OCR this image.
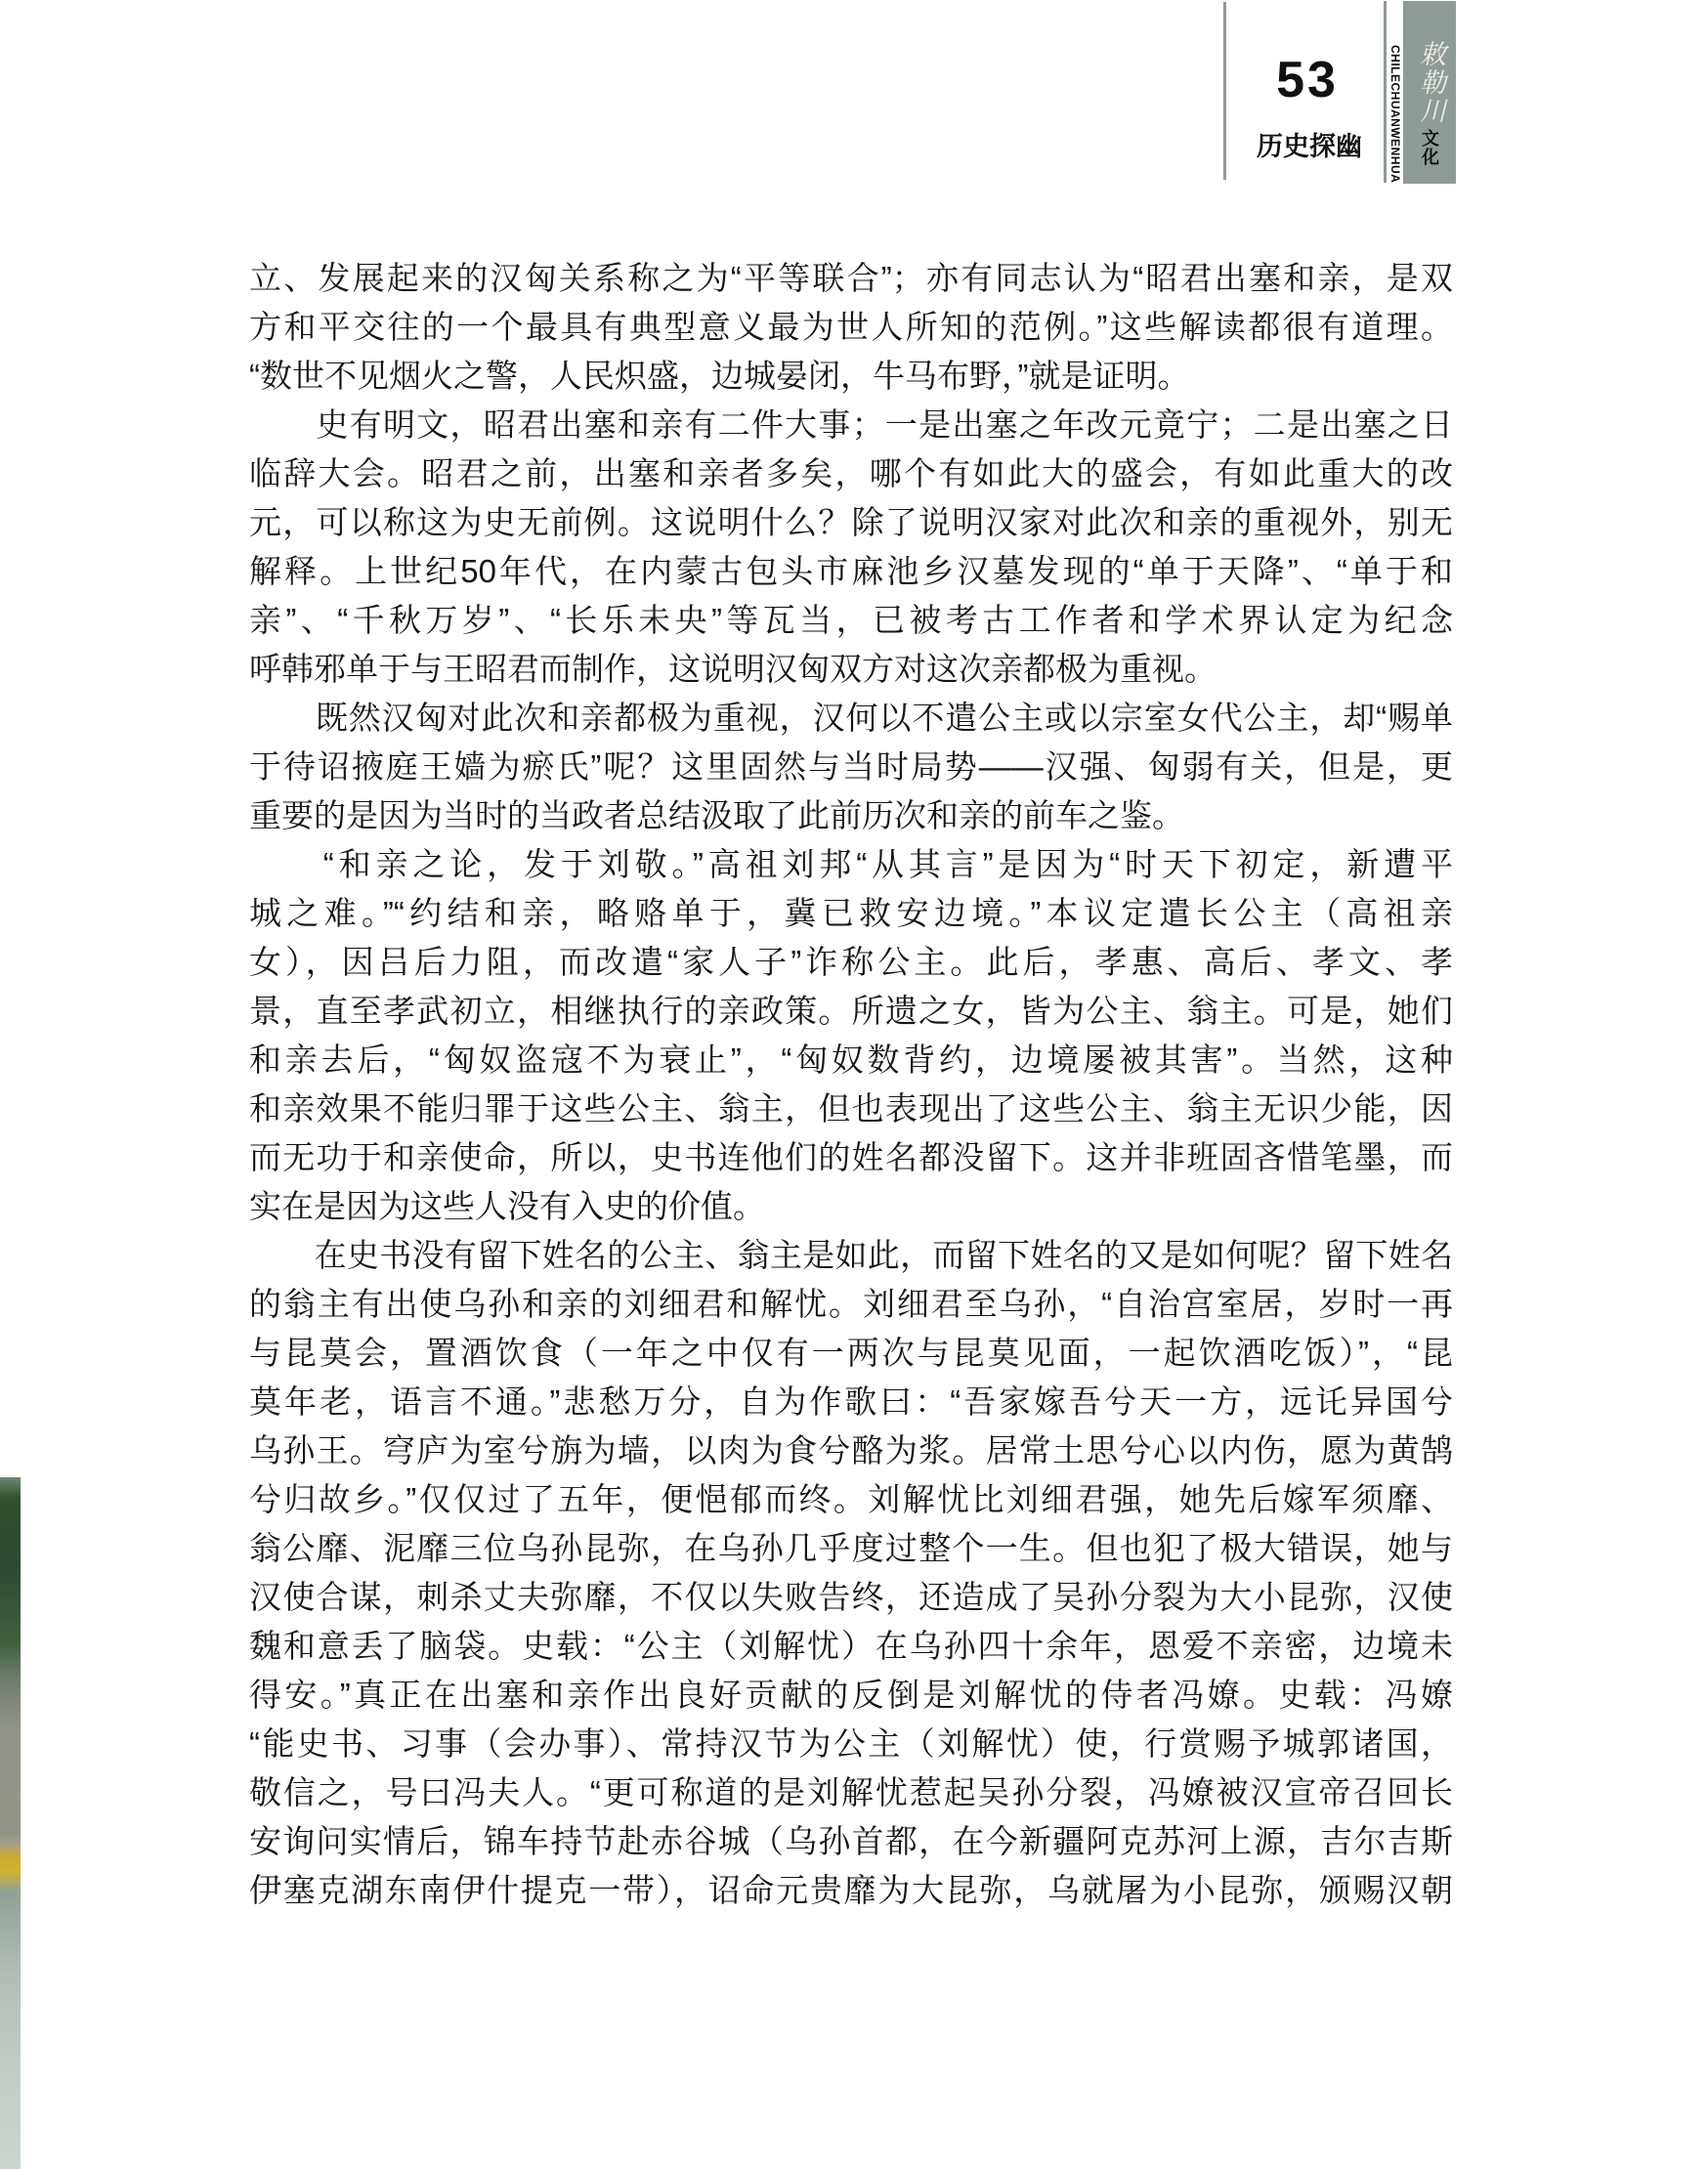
53
历史探幽	CHILECHUANWENHUA 敕勒川
文化
立、发展起来的汉匈关系称之为“平等联合”；亦有同志认为“昭君出塞和亲，是双
方和平交往的一个最具有典型意义最为世人所知的范例。”这些解读都很有道理。
“数世不见烟火之警，人民炽盛，边城晏闭，牛马布野，”就是证明。
　　史有明文，昭君出塞和亲有二件大事；一是出塞之年改元竟宁；二是出塞之日
临辞大会。昭君之前，出塞和亲者多矣，哪个有如此大的盛会，有如此重大的改
元，可以称这为史无前例。这说明什么？除了说明汉家对此次和亲的重视外，别无
解释。上世纪50年代，在内蒙古包头市麻池乡汉墓发现的“单于天降”、“单于和
亲”、“千秋万岁”、“长乐未央”等瓦当，已被考古工作者和学术界认定为纪念
呼韩邪单于与王昭君而制作，这说明汉匈双方对这次亲都极为重视。
　　既然汉匈对此次和亲都极为重视，汉何以不遣公主或以宗室女代公主，却“赐单
于待诏掖庭王嫱为瘀氏”呢？这里固然与当时局势——汉强、匈弱有关，但是，更
重要的是因为当时的当政者总结汲取了此前历次和亲的前车之鉴。
　　“和亲之论，发于刘敬。”高祖刘邦“从其言”是因为“时天下初定，新遭平
城之难。”“约结和亲，略赂单于，冀已救安边境。”本议定遣长公主（高祖亲
女），因吕后力阻，而改遣“家人子”诈称公主。此后，孝惠、高后、孝文、孝
景，直至孝武初立，相继执行的亲政策。所遗之女，皆为公主、翁主。可是，她们
和亲去后，“匈奴盗寇不为衰止”，“匈奴数背约，边境屡被其害”。当然，这种
和亲效果不能归罪于这些公主、翁主，但也表现出了这些公主、翁主无识少能，因
而无功于和亲使命，所以，史书连他们的姓名都没留下。这并非班固吝惜笔墨，而
实在是因为这些人没有入史的价值。
　　在史书没有留下姓名的公主、翁主是如此，而留下姓名的又是如何呢？留下姓名
的翁主有出使乌孙和亲的刘细君和解忧。刘细君至乌孙，“自治宫室居，岁时一再
与昆莫会，置酒饮食（一年之中仅有一两次与昆莫见面，一起饮酒吃饭）”，“昆
莫年老，语言不通。”悲愁万分，自为作歌曰：“吾家嫁吾兮天一方，远讬异国兮
乌孙王。穹庐为室兮旃为墙，以肉为食兮酪为浆。居常土思兮心以内伤，愿为黄鹄
兮归故乡。”仅仅过了五年，便悒郁而终。刘解忧比刘细君强，她先后嫁军须靡、
翁公靡、泥靡三位乌孙昆弥，在乌孙几乎度过整个一生。但也犯了极大错误，她与
汉使合谋，刺杀丈夫弥靡，不仅以失败告终，还造成了吴孙分裂为大小昆弥，汉使
魏和意丢了脑袋。史载：“公主（刘解忧）在乌孙四十余年，恩爱不亲密，边境未
得安。”真正在出塞和亲作出良好贡献的反倒是刘解忧的侍者冯嫽。史载：冯嫽
“能史书、习事（会办事）、常持汉节为公主（刘解忧）使，行赏赐予城郭诸国，
敬信之，号曰冯夫人。“更可称道的是刘解忧惹起吴孙分裂，冯嫽被汉宣帝召回长
安询问实情后，锦车持节赴赤谷城（乌孙首都，在今新疆阿克苏河上源，吉尔吉斯
伊塞克湖东南伊什提克一带），诏命元贵靡为大昆弥，乌就屠为小昆弥，颁赐汉朝
